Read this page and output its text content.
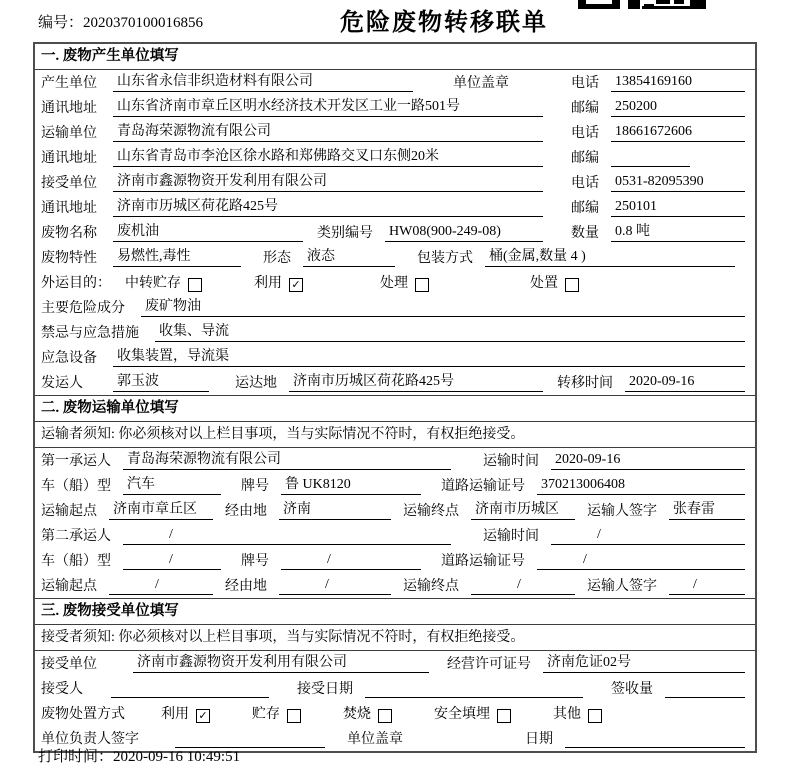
编号：2020370100016856	危险废物转移联单
一. 废物产生单位填写
产生单位 山东省永信非织造材料有限公司	单位盖章	电话 13854169160
通讯地址 山东省济南市章丘区明水经济技术开发区工业一路501号	邮编 250200
运输单位 青岛海荣源物流有限公司	电话 18661672606
通讯地址 山东省青岛市李沧区徐水路和郑佛路交叉口东侧20米	邮编
接受单位 济南市鑫源物资开发利用有限公司	电话 0531-82095390
通讯地址 济南市历城区荷花路425号	邮编 250101
废物名称 废机油	类别编号 HW08(900-249-08)	数量 0.8 吨
废物特性 易燃性,毒性	形态 液态	包装方式 桶(金属,数量 4 )
外运目的： 中转贮存	利用 ✓	处理	处置
主要危险成分 废矿物油
禁忌与应急措施 收集、导流
应急设备 收集装置，导流渠
发运人	郭玉波	运达地 济南市历城区荷花路425号	转移时间 2020-09-16
二. 废物运输单位填写
运输者须知: 你必须核对以上栏目事项，当与实际情况不符时，有权拒绝接受。
第一承运人 青岛海荣源物流有限公司	运输时间 2020-09-16
车（船）型 汽车	牌号 鲁 UK8120	道路运输证号 370213006408
运输起点 济南市章丘区	经由地 济南	运输终点 济南市历城区	运输人签字 张春雷
第二承运人	/	运输时间	/
车（船）型	/	牌号	/	道路运输证号	/
运输起点	/	经由地	/	运输终点	/	运输人签字	/
三. 废物接受单位填写
接受者须知: 你必须核对以上栏目事项，当与实际情况不符时，有权拒绝接受。
接受单位	济南市鑫源物资开发利用有限公司	经营许可证号 济南危证02号
接受人	接受日期	签收量
废物处置方式	利用 ✓	贮存	焚烧	安全填埋	其他
单位负责人签字	单位盖章	日期
打印时间：2020-09-16 10:49:51
